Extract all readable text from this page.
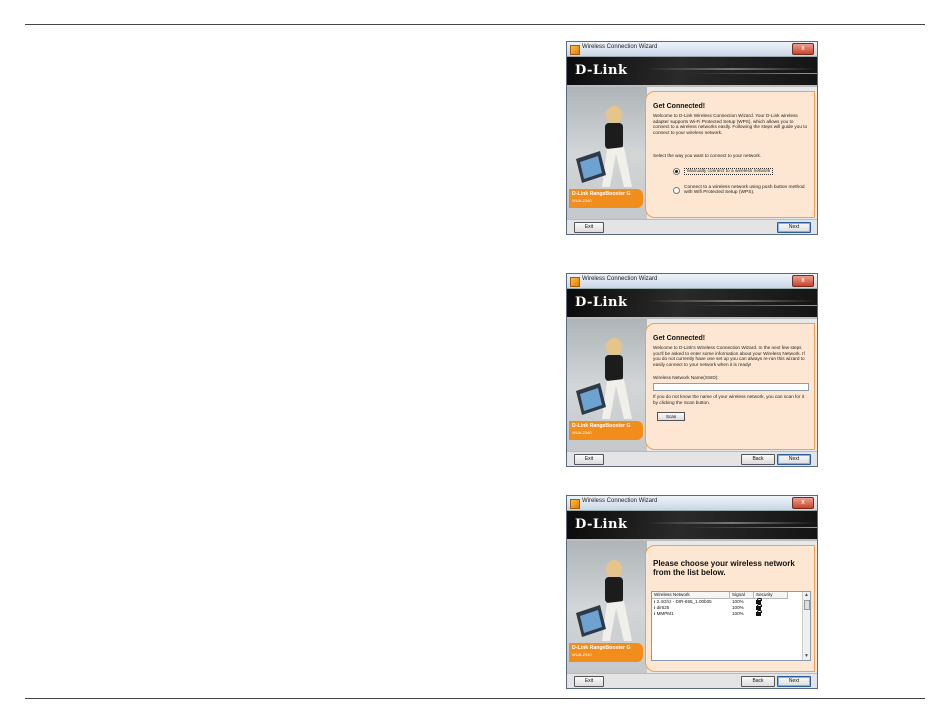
Wireless Connection Wizard	x
D-Link
D-Link RangeBooster G
WUA-2340
Get Connected!
Welcome to D-Link Wireless Connection Wizard. Your D-Link wireless adapter supports Wi-Fi Protected Setup (WPS), which allows you to connect to a wireless networks easily. Following the steps will guide you to connect to your wireless network.
Select the way you want to connect to your network.
Manually connect to a wireless network
Connect to a wireless network using push button method with Wifi Protected Setup (WPS).
Exit	Next
Wireless Connection Wizard	x
D-Link
D-Link RangeBooster G
WUA-2340
Get Connected!
Welcome to D-Link's Wireless Connection Wizard. In the next few steps you'll be asked to enter some information about your Wireless Network. If you do not currently have one set up you can always re-run this wizard to easily connect to your network when it is ready!
Wireless Network Name(SSID):
If you do not know the name of your wireless network, you can scan for it by clicking the Scan button.
Scan
Exit	Back	Next
Wireless Connection Wizard	x
D-Link
D-Link RangeBooster G
WUA-2340
Please choose your wireless network from the list below.
Wireless Network	Signal	Security
ı 2.4Ghz - DIR-655_1.00b05	100%
ı dir625	100%
ı MMPM1	100%
▲
▼
Exit	Back	Next
